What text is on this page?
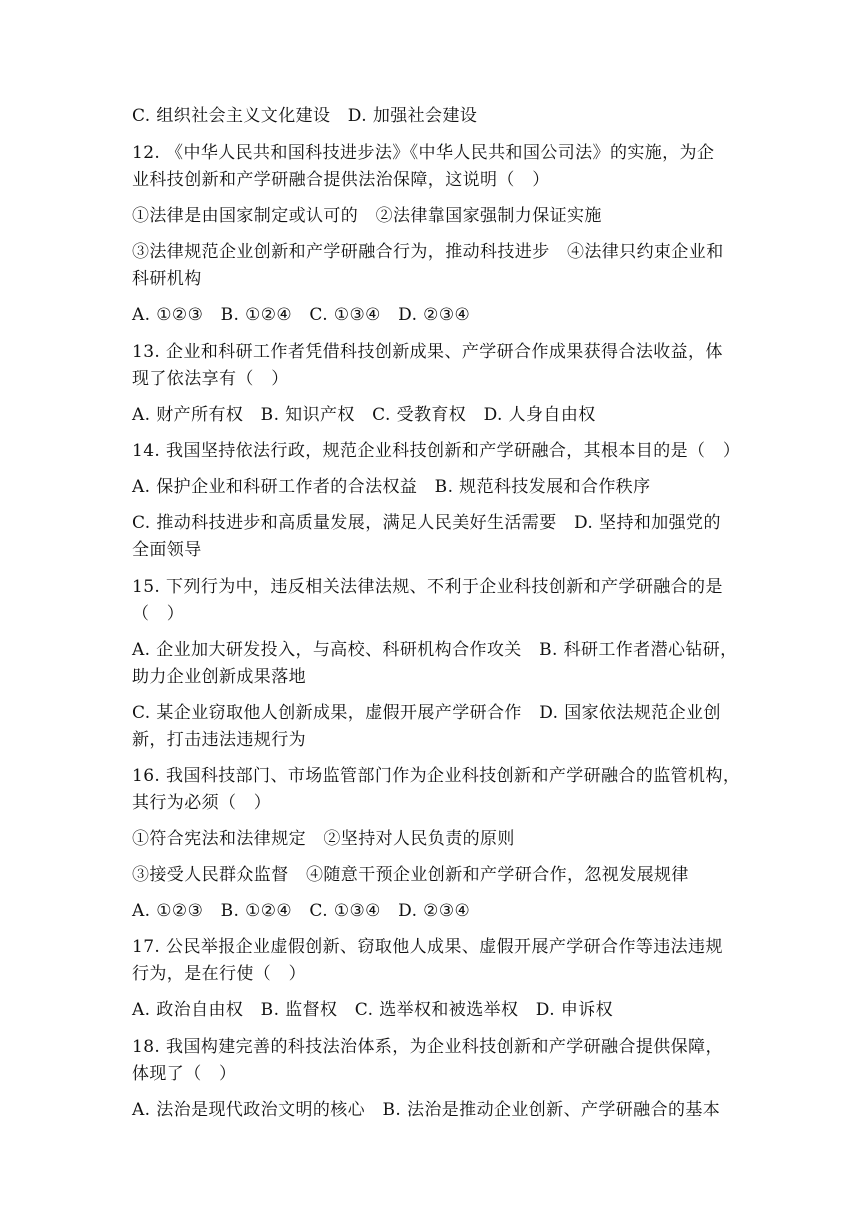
C. 组织社会主义文化建设　D. 加强社会建设
12. 《中华人民共和国科技进步法》《中华人民共和国公司法》的实施，为企
业科技创新和产学研融合提供法治保障，这说明（　）
①法律是由国家制定或认可的　②法律靠国家强制力保证实施
③法律规范企业创新和产学研融合行为，推动科技进步　④法律只约束企业和
科研机构
A. ①②③　B. ①②④　C. ①③④　D. ②③④
13. 企业和科研工作者凭借科技创新成果、产学研合作成果获得合法收益，体
现了依法享有（　）
A. 财产所有权　B. 知识产权　C. 受教育权　D. 人身自由权
14. 我国坚持依法行政，规范企业科技创新和产学研融合，其根本目的是（　）
A. 保护企业和科研工作者的合法权益　B. 规范科技发展和合作秩序
C. 推动科技进步和高质量发展，满足人民美好生活需要　D. 坚持和加强党的
全面领导
15. 下列行为中，违反相关法律法规、不利于企业科技创新和产学研融合的是
（　）
A. 企业加大研发投入，与高校、科研机构合作攻关　B. 科研工作者潜心钻研，
助力企业创新成果落地
C. 某企业窃取他人创新成果，虚假开展产学研合作　D. 国家依法规范企业创
新，打击违法违规行为
16. 我国科技部门、市场监管部门作为企业科技创新和产学研融合的监管机构，
其行为必须（　）
①符合宪法和法律规定　②坚持对人民负责的原则
③接受人民群众监督　④随意干预企业创新和产学研合作，忽视发展规律
A. ①②③　B. ①②④　C. ①③④　D. ②③④
17. 公民举报企业虚假创新、窃取他人成果、虚假开展产学研合作等违法违规
行为，是在行使（　）
A. 政治自由权　B. 监督权　C. 选举权和被选举权　D. 申诉权
18. 我国构建完善的科技法治体系，为企业科技创新和产学研融合提供保障，
体现了（　）
A. 法治是现代政治文明的核心　B. 法治是推动企业创新、产学研融合的基本
